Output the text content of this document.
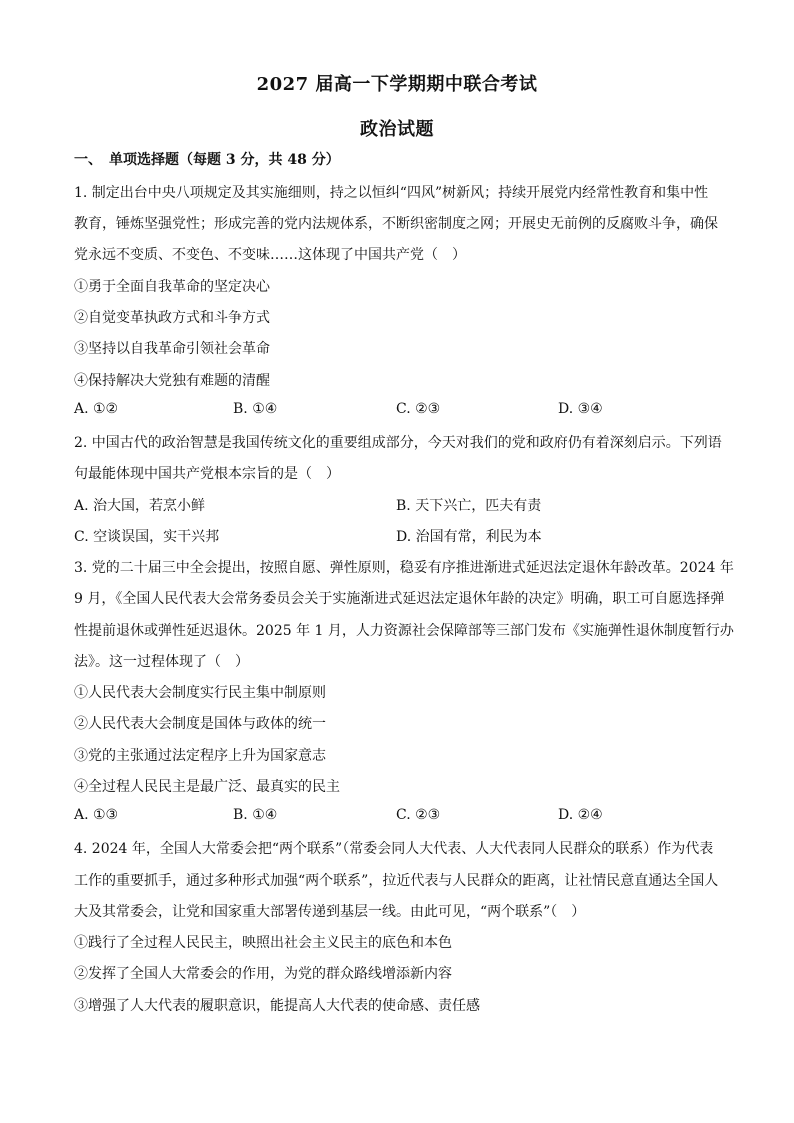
2027 届高一下学期期中联合考试
政治试题
一、　单项选择题（每题 3 分，共 48 分）
1. 制定出台中央八项规定及其实施细则，持之以恒纠“四风”树新风；持续开展党内经常性教育和集中性
教育，锤炼坚强党性；形成完善的党内法规体系，不断织密制度之网；开展史无前例的反腐败斗争，确保
党永远不变质、不变色、不变味……这体现了中国共产党（　）
①勇于全面自我革命的坚定决心
②自觉变革执政方式和斗争方式
③坚持以自我革命引领社会革命
④保持解决大党独有难题的清醒
A. ①②	B. ①④	C. ②③	D. ③④
2. 中国古代的政治智慧是我国传统文化的重要组成部分，今天对我们的党和政府仍有着深刻启示。下列语
句最能体现中国共产党根本宗旨的是（　）
A. 治大国，若烹小鲜	B. 天下兴亡，匹夫有责
C. 空谈误国，实干兴邦	D. 治国有常，利民为本
3. 党的二十届三中全会提出，按照自愿、弹性原则，稳妥有序推进渐进式延迟法定退休年龄改革。2024 年
9 月，《全国人民代表大会常务委员会关于实施渐进式延迟法定退休年龄的决定》明确，职工可自愿选择弹
性提前退休或弹性延迟退休。2025 年 1 月，人力资源社会保障部等三部门发布《实施弹性退休制度暂行办
法》。这一过程体现了（　）
①人民代表大会制度实行民主集中制原则
②人民代表大会制度是国体与政体的统一
③党的主张通过法定程序上升为国家意志
④全过程人民民主是最广泛、最真实的民主
A. ①③	B. ①④	C. ②③	D. ②④
4. 2024 年，全国人大常委会把“两个联系”（常委会同人大代表、人大代表同人民群众的联系）作为代表
工作的重要抓手，通过多种形式加强“两个联系”，拉近代表与人民群众的距离，让社情民意直通达全国人
大及其常委会，让党和国家重大部署传递到基层一线。由此可见，“两个联系”（　）
①践行了全过程人民民主，映照出社会主义民主的底色和本色
②发挥了全国人大常委会的作用，为党的群众路线增添新内容
③增强了人大代表的履职意识，能提高人大代表的使命感、责任感
